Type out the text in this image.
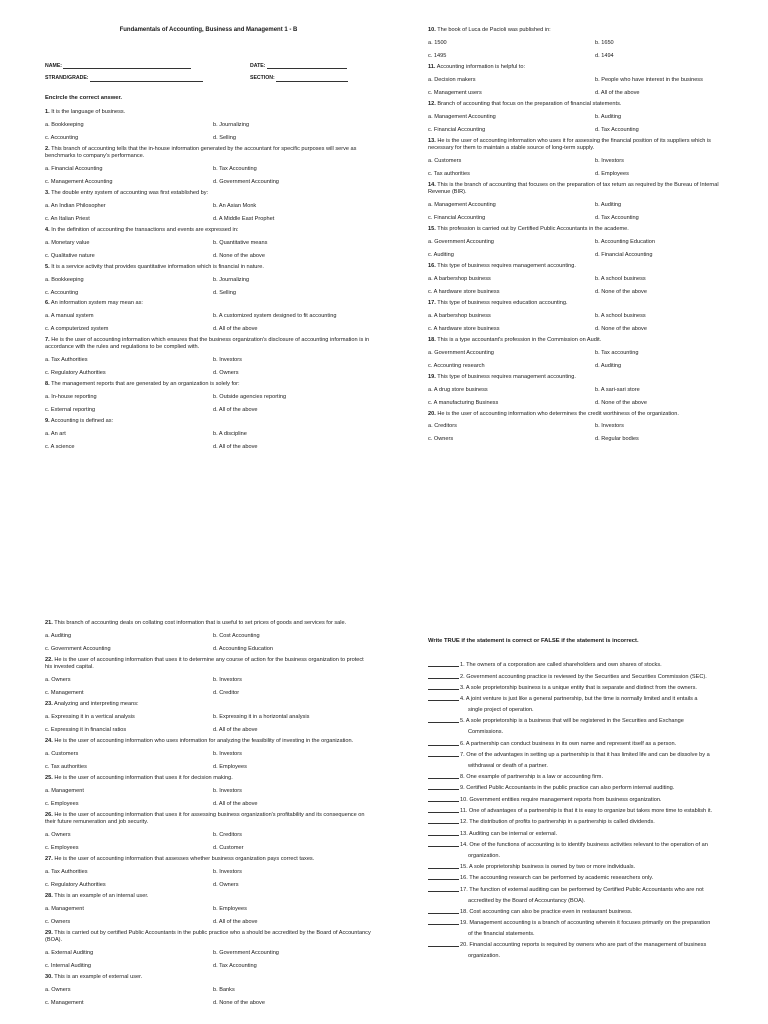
Fundamentals of Accounting, Business and Management 1 - B
NAME:	DATE:
STRAND/GRADE:	SECTION:
Encircle the correct answer.
1. It is the language of business.
a. Bookkeeping	b. Journalizing
c. Accounting	d. Selling
2. This branch of accounting tells that the in-house information generated by the accountant for specific purposes will serve as benchmarks to company's performance.
a. Financial Accounting	b. Tax Accounting
c. Management Accounting	d. Government Accounting
3. The double entry system of accounting was first established by:
a. An Indian Philosopher	b. An Asian Monk
c. An Italian Priest	d. A Middle East Prophet
4. In the definition of accounting the transactions and events are expressed in:
a. Monetary value	b. Quantitative means
c. Qualitative nature	d. None of the above
5. It is a service activity that provides quantitative information which is financial in nature.
a. Bookkeeping	b. Journalizing
c. Accounting	d. Selling
6. An information system may mean as:
a. A manual system	b. A customized system designed to fit accounting
c. A computerized system	d. All of the above
7. He is the user of accounting information which ensures that the business organization's disclosure of accounting information is in accordance with the rules and regulations to be complied with.
a. Tax Authorities	b. Investors
c. Regulatory Authorities	d. Owners
8. The management reports that are generated by an organization is solely for:
a. In-house reporting	b. Outside agencies reporting
c. External reporting	d. All of the above
9. Accounting is defined as:
a. An art	b. A discipline
c. A science	d. All of the above
10. The book of Luca de Pacioli was published in:
a. 1500	b. 1650
c. 1495	d. 1494
11. Accounting information is helpful to:
a. Decision makers	b. People who have interest in the business
c. Management users	d. All of the above
12. Branch of accounting that focus on the preparation of financial statements.
a. Management Accounting	b. Auditing
c. Financial Accounting	d. Tax Accounting
13. He is the user of accounting information who uses it for assessing the financial position of its suppliers which is necessary for them to maintain a stable source of long-term supply.
a. Customers	b. Investors
c. Tax authorities	d. Employees
14. This is the branch of accounting that focuses on the preparation of tax return as required by the Bureau of Internal Revenue (BIR).
a. Management Accounting	b. Auditing
c. Financial Accounting	d. Tax Accounting
15. This profession is carried out by Certified Public Accountants in the academe.
a. Government Accounting	b. Accounting Education
c. Auditing	d. Financial Accounting
16. This type of business requires management accounting.
a. A barbershop business	b. A school business
c. A hardware store business	d. None of the above
17. This type of business requires education accounting.
a. A barbershop business	b. A school business
c. A hardware store business	d. None of the above
18. This is a type accountant's profession in the Commission on Audit.
a. Government Accounting	b. Tax accounting
c. Accounting research	d. Auditing
19. This type of business requires management accounting.
a. A drug store business	b. A sari-sari store
c. A manufacturing Business	d. None of the above
20. He is the user of accounting information who determines the credit worthiness of the organization.
a. Creditors	b. Investors
c. Owners	d. Regular bodies
21. This branch of accounting deals on collating cost information that is useful to set prices of goods and services for sale.
a. Auditing	b. Cost Accounting
c. Government Accounting	d. Accounting Education
22. He is the user of accounting information that uses it to determine any course of action for the business organization to protect his invested capital.
a. Owners	b. Investors
c. Management	d. Creditor
23. Analyzing and interpreting means:
a. Expressing it in a vertical analysis	b. Expressing it in a horizontal analysis
c. Expressing it in financial ratios	d. All of the above
24. He is the user of accounting information who uses information for analyzing the feasibility of investing in the organization.
a. Customers	b. Investors
c. Tax authorities	d. Employees
25. He is the user of accounting information that uses it for decision making.
a. Management	b. Investors
c. Employees	d. All of the above
26. He is the user of accounting information that uses it for assessing business organization's profitability and its consequence on their future remuneration and job security.
a. Owners	b. Creditors
c. Employees	d. Customer
27. He is the user of accounting information that assesses whether business organization pays correct taxes.
a. Tax Authorities	b. Investors
c. Regulatory Authorities	d. Owners
28. This is an example of an internal user.
a. Management	b. Employees
c. Owners	d. All of the above
29. This is carried out by certified Public Accountants in the public practice who a should be accredited by the Board of Accountancy (BOA).
a. External Auditing	b. Government Accounting
c. Internal Auditing	d. Tax Accounting
30. This is an example of external user.
a. Owners	b. Banks
c. Management	d. None of the above
Write TRUE if the statement is correct or FALSE if the statement is incorrect.
1. The owners of a corporation are called shareholders and own shares of stocks.
2. Government accounting practice is reviewed by the Securities and Securities Commission (SEC).
3. A sole proprietorship business is a unique entity that is separate and distinct from the owners.
4. A joint venture is just like a general partnership, but the time is normally limited and it entails a
single project of operation.
5. A sole proprietorship is a business that will be registered in the Securities and Exchange
Commissions.
6. A partnership can conduct business in its own name and represent itself as a person.
7. One of the advantages in setting up a partnership is that it has limited life and can be dissolve by a
withdrawal or death of a partner.
8. One example of partnership is a law or accounting firm.
9. Certified Public Accountants in the public practice can also perform internal auditing.
10. Government entities require management reports from business organization.
11. One of advantages of a partnership is that it is easy to organize but takes more time to establish it.
12. The distribution of profits to partnership in a partnership is called dividends.
13. Auditing can be internal or external.
14. One of the functions of accounting is to identify business activities relevant to the operation of an
organization.
15. A sole proprietorship business is owned by two or more individuals.
16. The accounting research can be performed by academic researchers only.
17. The function of external auditing can be performed by Certified Public Accountants who are not
accredited by the Board of Accountancy (BOA).
18. Cost accounting can also be practice even in restaurant business.
19. Management accounting is a branch of accounting wherein it focuses primarily on the preparation
of the financial statements.
20. Financial accounting reports is required by owners who are part of the management of business
organization.
